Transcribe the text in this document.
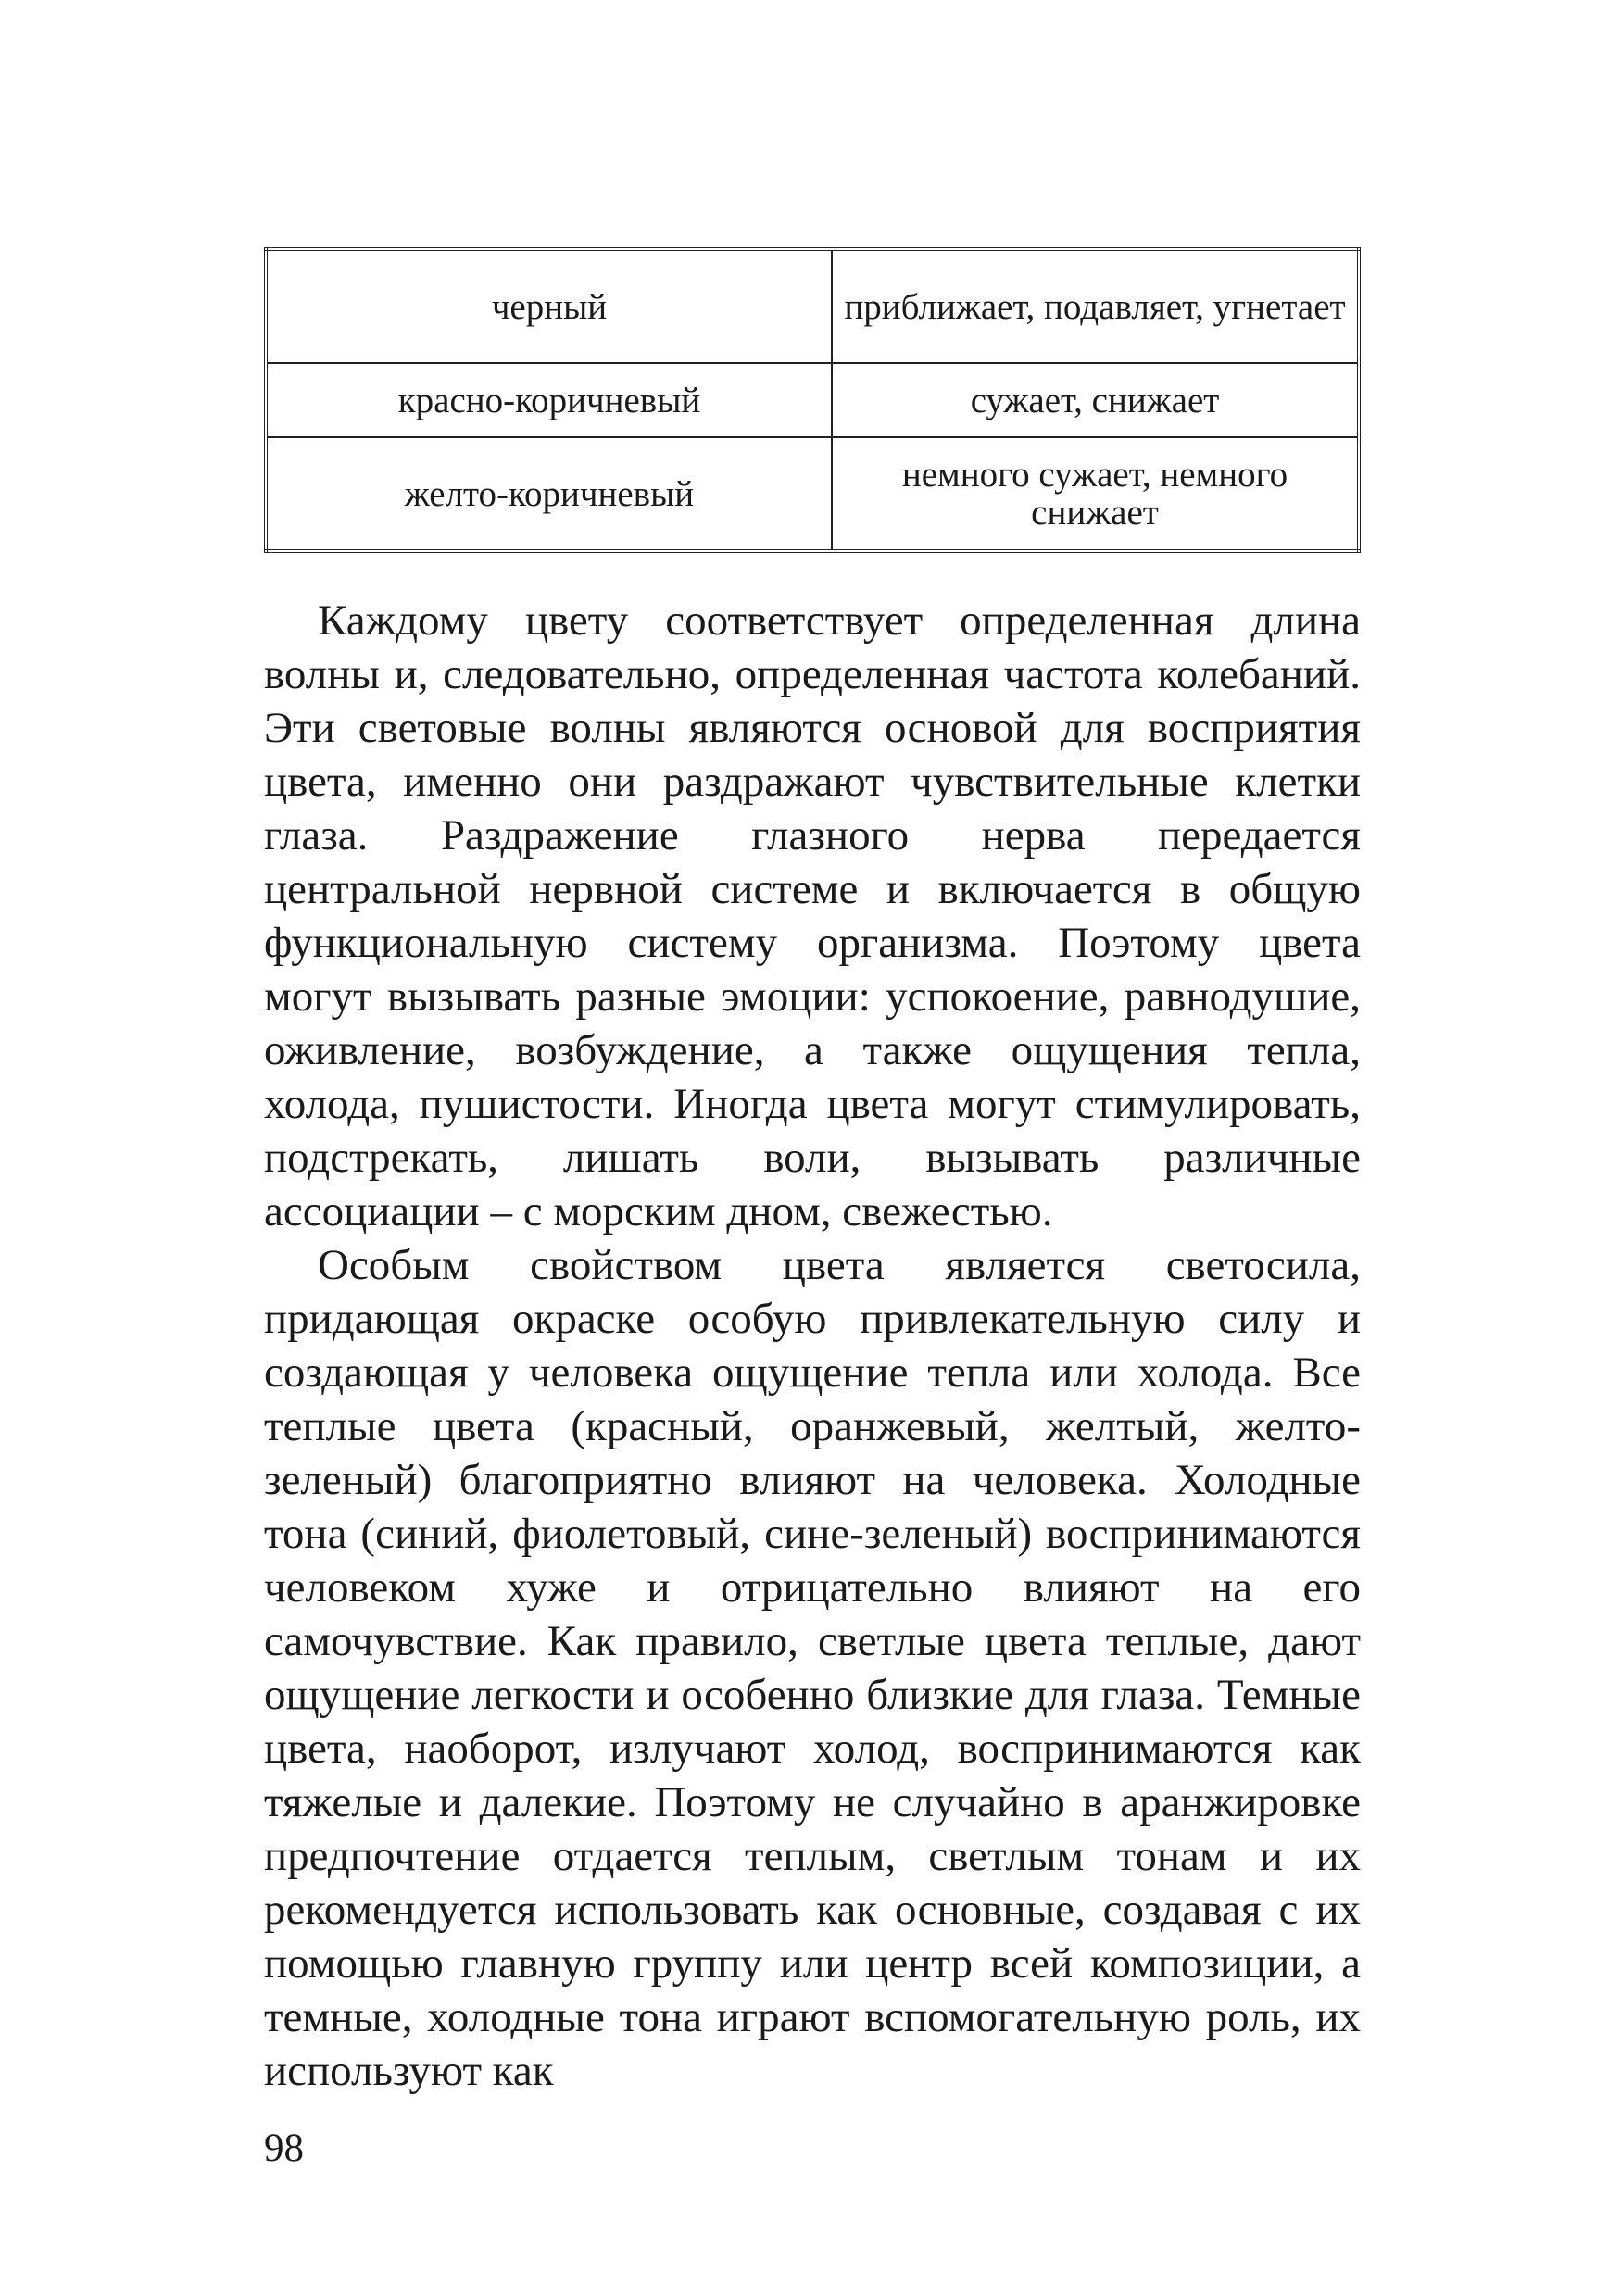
черный	приближает, подавляет, угнетает
красно-коричневый	сужает, снижает
желто-коричневый	немного сужает, немного снижает

Каждому цвету соответствует определенная длина волны и, следовательно, определенная частота колебаний. Эти световые волны являются основой для восприятия цвета, именно они раздражают чувствительные клетки глаза. Раздражение глазного нерва передается центральной нервной системе и включается в общую функциональную систему организма. Поэтому цвета могут вызывать разные эмоции: успокоение, равнодушие, оживление, возбуждение, а также ощущения тепла, холода, пушистости. Иногда цвета могут стимулировать, подстрекать, лишать воли, вызывать различные ассоциации – с морским дном, свежестью.

Особым свойством цвета является светосила, придающая окраске особую привлекательную силу и создающая у человека ощущение тепла или холода. Все теплые цвета (красный, оранжевый, желтый, желто-зеленый) благоприятно влияют на человека. Холодные тона (синий, фиолетовый, сине-зеленый) воспринимаются человеком хуже и отрицательно влияют на его самочувствие. Как правило, светлые цвета теплые, дают ощущение легкости и особенно близкие для глаза. Темные цвета, наоборот, излучают холод, воспринимаются как тяжелые и далекие. Поэтому не случайно в аранжировке предпочтение отдается теплым, светлым тонам и их рекомендуется использовать как основные, создавая с их помощью главную группу или центр всей композиции, а темные, холодные тона играют вспомогательную роль, их используют как

98
